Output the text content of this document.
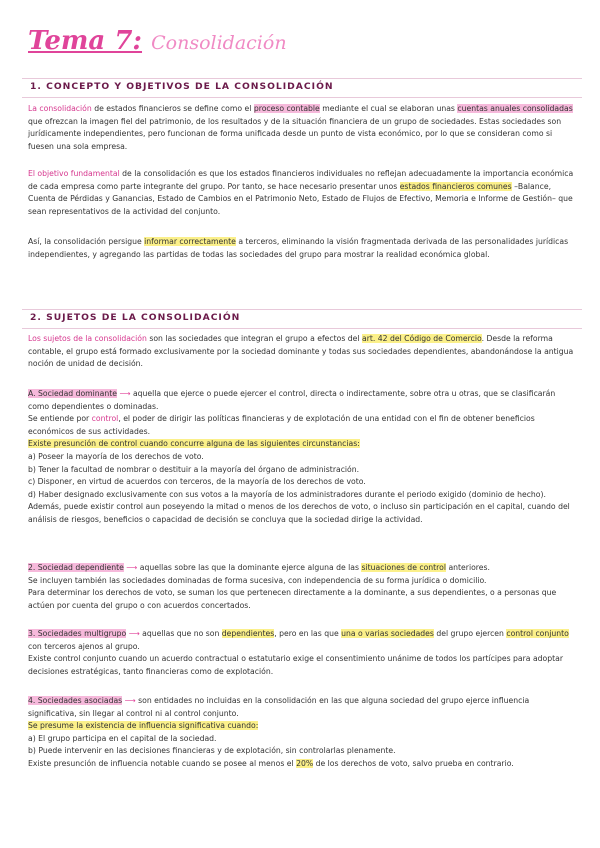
Tema 7: Consolidación
1. CONCEPTO Y OBJETIVOS DE LA CONSOLIDACIÓN

La consolidación de estados financieros se define como el proceso contable mediante el cual se elaboran unas cuentas anuales consolidadas que ofrezcan la imagen fiel del patrimonio, de los resultados y de la situación financiera de un grupo de sociedades. Estas sociedades son jurídicamente independientes, pero funcionan de forma unificada desde un punto de vista económico, por lo que se consideran como si fuesen una sola empresa.

El objetivo fundamental de la consolidación es que los estados financieros individuales no reflejan adecuadamente la importancia económica de cada empresa como parte integrante del grupo. Por tanto, se hace necesario presentar unos estados financieros comunes –Balance, Cuenta de Pérdidas y Ganancias, Estado de Cambios en el Patrimonio Neto, Estado de Flujos de Efectivo, Memoria e Informe de Gestión– que sean representativos de la actividad del conjunto.

Así, la consolidación persigue informar correctamente a terceros, eliminando la visión fragmentada derivada de las personalidades jurídicas independientes, y agregando las partidas de todas las sociedades del grupo para mostrar la realidad económica global.

2. SUJETOS DE LA CONSOLIDACIÓN

Los sujetos de la consolidación son las sociedades que integran el grupo a efectos del art. 42 del Código de Comercio. Desde la reforma contable, el grupo está formado exclusivamente por la sociedad dominante y todas sus sociedades dependientes, abandonándose la antigua noción de unidad de decisión.

A. Sociedad dominante ⟶ aquella que ejerce o puede ejercer el control, directa o indirectamente, sobre otra u otras, que se clasificarán como dependientes o dominadas.
Se entiende por control, el poder de dirigir las políticas financieras y de explotación de una entidad con el fin de obtener beneficios económicos de sus actividades.
Existe presunción de control cuando concurre alguna de las siguientes circunstancias:
a) Poseer la mayoría de los derechos de voto.
b) Tener la facultad de nombrar o destituir a la mayoría del órgano de administración.
c) Disponer, en virtud de acuerdos con terceros, de la mayoría de los derechos de voto.
d) Haber designado exclusivamente con sus votos a la mayoría de los administradores durante el periodo exigido (dominio de hecho).
Además, puede existir control aun poseyendo la mitad o menos de los derechos de voto, o incluso sin participación en el capital, cuando del análisis de riesgos, beneficios o capacidad de decisión se concluya que la sociedad dirige la actividad.

2. Sociedad dependiente ⟶ aquellas sobre las que la dominante ejerce alguna de las situaciones de control anteriores.
Se incluyen también las sociedades dominadas de forma sucesiva, con independencia de su forma jurídica o domicilio.
Para determinar los derechos de voto, se suman los que pertenecen directamente a la dominante, a sus dependientes, o a personas que actúen por cuenta del grupo o con acuerdos concertados.

3. Sociedades multigrupo ⟶ aquellas que no son dependientes, pero en las que una o varias sociedades del grupo ejercen control conjunto con terceros ajenos al grupo.
Existe control conjunto cuando un acuerdo contractual o estatutario exige el consentimiento unánime de todos los partícipes para adoptar decisiones estratégicas, tanto financieras como de explotación.

4. Sociedades asociadas ⟶ son entidades no incluidas en la consolidación en las que alguna sociedad del grupo ejerce influencia significativa, sin llegar al control ni al control conjunto.
Se presume la existencia de influencia significativa cuando:
a) El grupo participa en el capital de la sociedad.
b) Puede intervenir en las decisiones financieras y de explotación, sin controlarlas plenamente.
Existe presunción de influencia notable cuando se posee al menos el 20% de los derechos de voto, salvo prueba en contrario.
